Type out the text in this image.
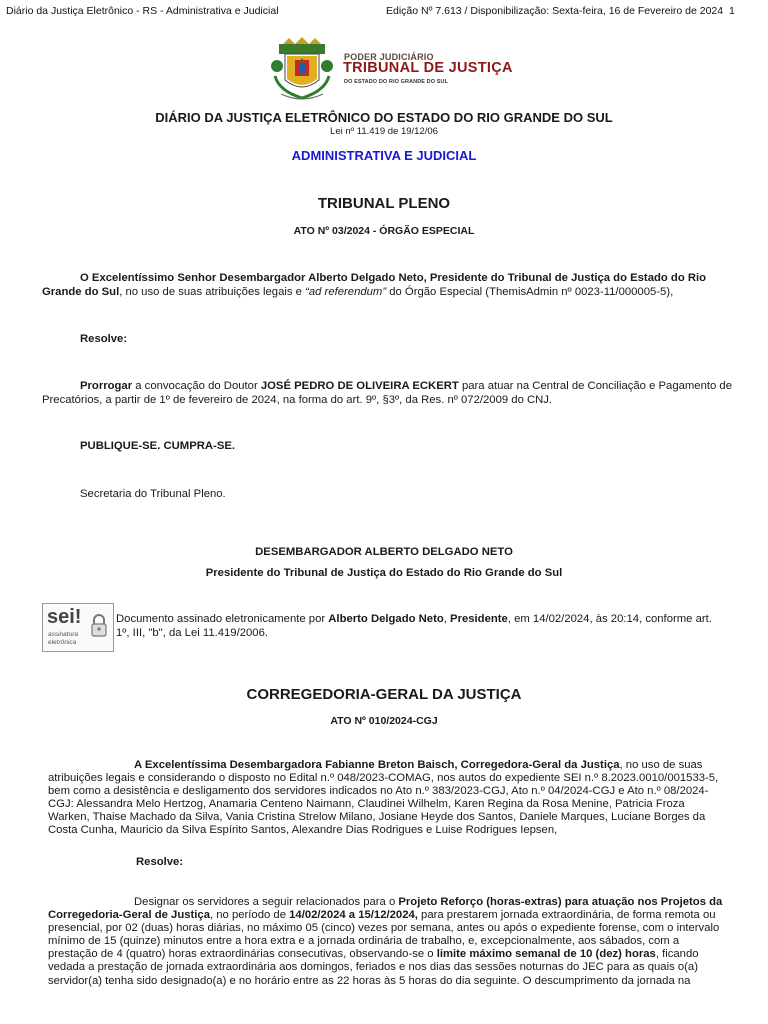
Diário da Justiça Eletrônico - RS - Administrativa e Judicial	Edição Nº 7.613 / Disponibilização: Sexta-feira, 16 de Fevereiro de 2024 1
PODER JUDICIÁRIO
TRIBUNAL DE JUSTIÇA
DO ESTADO DO RIO GRANDE DO SUL
DIÁRIO DA JUSTIÇA ELETRÔNICO DO ESTADO DO RIO GRANDE DO SUL
Lei nº 11.419 de 19/12/06
ADMINISTRATIVA E JUDICIAL
TRIBUNAL PLENO
ATO Nº 03/2024 - ÓRGÃO ESPECIAL
O Excelentíssimo Senhor Desembargador Alberto Delgado Neto, Presidente do Tribunal de Justiça do Estado do Rio Grande do Sul, no uso de suas atribuições legais e “ad referendum” do Órgão Especial (ThemisAdmin nº 0023-11/000005-5),
Resolve:
Prorrogar a convocação do Doutor JOSÉ PEDRO DE OLIVEIRA ECKERT para atuar na Central de Conciliação e Pagamento de Precatórios, a partir de 1º de fevereiro de 2024, na forma do art. 9º, §3º, da Res. nº 072/2009 do CNJ.
PUBLIQUE-SE. CUMPRA-SE.
Secretaria do Tribunal Pleno.
DESEMBARGADOR ALBERTO DELGADO NETO
Presidente do Tribunal de Justiça do Estado do Rio Grande do Sul
sei!
assinatura
eletrônica
Documento assinado eletronicamente por Alberto Delgado Neto, Presidente, em 14/02/2024, às 20:14, conforme art. 1º, III, "b", da Lei 11.419/2006.
CORREGEDORIA-GERAL DA JUSTIÇA
ATO Nº 010/2024-CGJ
A Excelentíssima Desembargadora Fabianne Breton Baisch, Corregedora-Geral da Justiça, no uso de suas atribuições legais e considerando o disposto no Edital n.º 048/2023-COMAG, nos autos do expediente SEI n.º 8.2023.0010/001533-5, bem como a desistência e desligamento dos servidores indicados no Ato n.º 383/2023-CGJ, Ato n.º 04/2024-CGJ e Ato n.º 08/2024-CGJ: Alessandra Melo Hertzog, Anamaria Centeno Naimann, Claudinei Wilhelm, Karen Regina da Rosa Menine, Patricia Froza Warken, Thaise Machado da Silva, Vania Cristina Strelow Milano, Josiane Heyde dos Santos, Daniele Marques, Luciane Borges da Costa Cunha, Mauricio da Silva Espírito Santos, Alexandre Dias Rodrigues e Luise Rodrigues Iepsen,
Resolve:
Designar os servidores a seguir relacionados para o Projeto Reforço (horas-extras) para atuação nos Projetos da Corregedoria-Geral de Justiça, no período de 14/02/2024 a 15/12/2024, para prestarem jornada extraordinária, de forma remota ou presencial, por 02 (duas) horas diárias, no máximo 05 (cinco) vezes por semana, antes ou após o expediente forense, com o intervalo mínimo de 15 (quinze) minutos entre a hora extra e a jornada ordinária de trabalho, e, excepcionalmente, aos sábados, com a prestação de 4 (quatro) horas extraordinárias consecutivas, observando-se o limite máximo semanal de 10 (dez) horas, ficando vedada a prestação de jornada extraordinária aos domingos, feriados e nos dias das sessões noturnas do JEC para as quais o(a) servidor(a) tenha sido designado(a) e no horário entre as 22 horas às 5 horas do dia seguinte. O descumprimento da jornada na
